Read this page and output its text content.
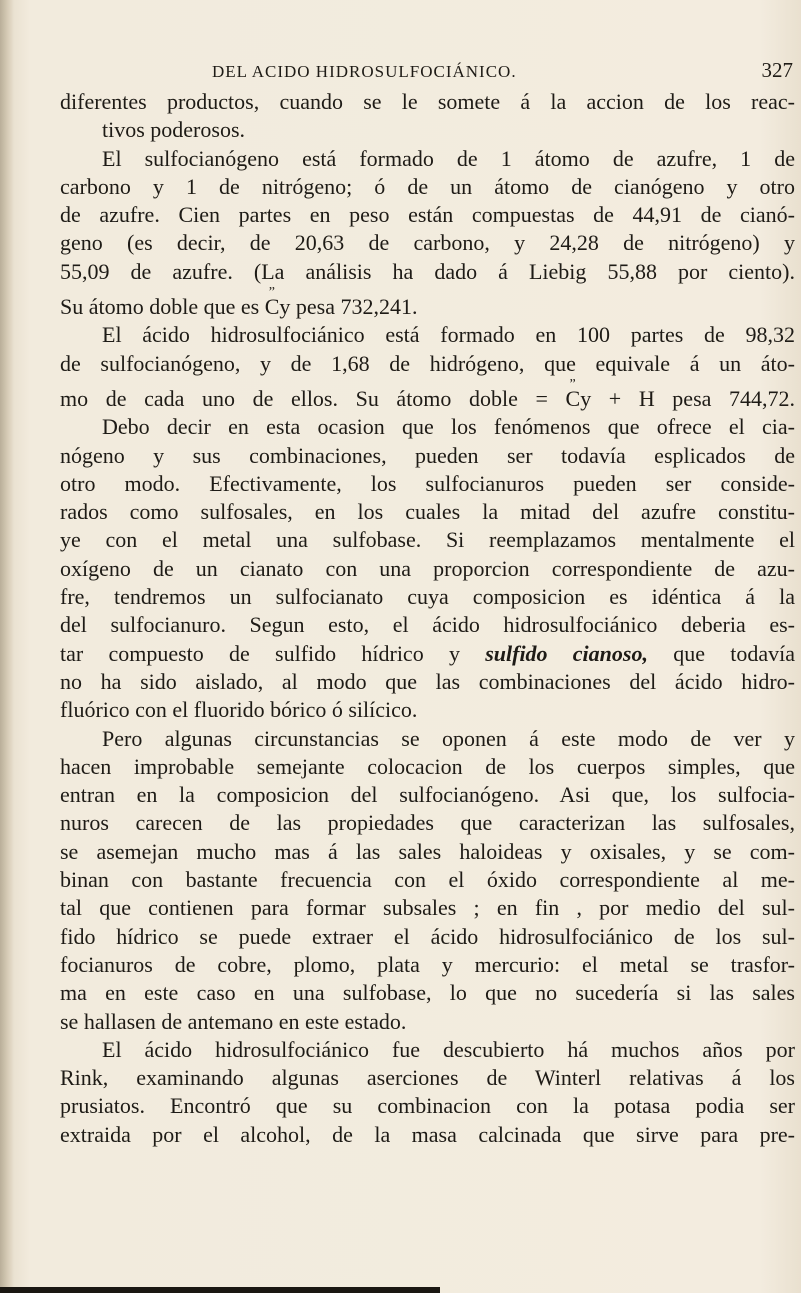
DEL ACIDO HIDROSULFOCIÁNICO.	327
diferentes productos, cuando se le somete á la accion de los reac-
tivos poderosos.
El sulfocianógeno está formado de 1 átomo de azufre, 1 de
carbono y 1 de nitrógeno; ó de un átomo de cianógeno y otro
de azufre. Cien partes en peso están compuestas de 44,91 de cianó-
geno (es decir, de 20,63 de carbono, y 24,28 de nitrógeno) y
55,09 de azufre. (La análisis ha dado á Liebig 55,88 por ciento).
Su átomo doble que es ” Cy pesa 732,241.
El ácido hidrosulfociánico está formado en 100 partes de 98,32
de sulfocianógeno, y de 1,68 de hidrógeno, que equivale á un áto-
mo de cada uno de ellos. Su átomo doble = ” Cy + H pesa 744,72.
Debo decir en esta ocasion que los fenómenos que ofrece el cia-
nógeno y sus combinaciones, pueden ser todavía esplicados de
otro modo. Efectivamente, los sulfocianuros pueden ser conside-
rados como sulfosales, en los cuales la mitad del azufre constitu-
ye con el metal una sulfobase. Si reemplazamos mentalmente el
oxígeno de un cianato con una proporcion correspondiente de azu-
fre, tendremos un sulfocianato cuya composicion es idéntica á la
del sulfocianuro. Segun esto, el ácido hidrosulfociánico deberia es-
tar compuesto de sulfido hídrico y sulfido cianoso, que todavía
no ha sido aislado, al modo que las combinaciones del ácido hidro-
fluórico con el fluorido bórico ó silícico.
Pero algunas circunstancias se oponen á este modo de ver y
hacen improbable semejante colocacion de los cuerpos simples, que
entran en la composicion del sulfocianógeno. Asi que, los sulfocia-
nuros carecen de las propiedades que caracterizan las sulfosales,
se asemejan mucho mas á las sales haloideas y oxisales, y se com-
binan con bastante frecuencia con el óxido correspondiente al me-
tal que contienen para formar subsales ; en fin , por medio del sul-
fido hídrico se puede extraer el ácido hidrosulfociánico de los sul-
focianuros de cobre, plomo, plata y mercurio: el metal se trasfor-
ma en este caso en una sulfobase, lo que no sucedería si las sales
se hallasen de antemano en este estado.
El ácido hidrosulfociánico fue descubierto há muchos años por
Rink, examinando algunas aserciones de Winterl relativas á los
prusiatos. Encontró que su combinacion con la potasa podia ser
extraida por el alcohol, de la masa calcinada que sirve para pre-
